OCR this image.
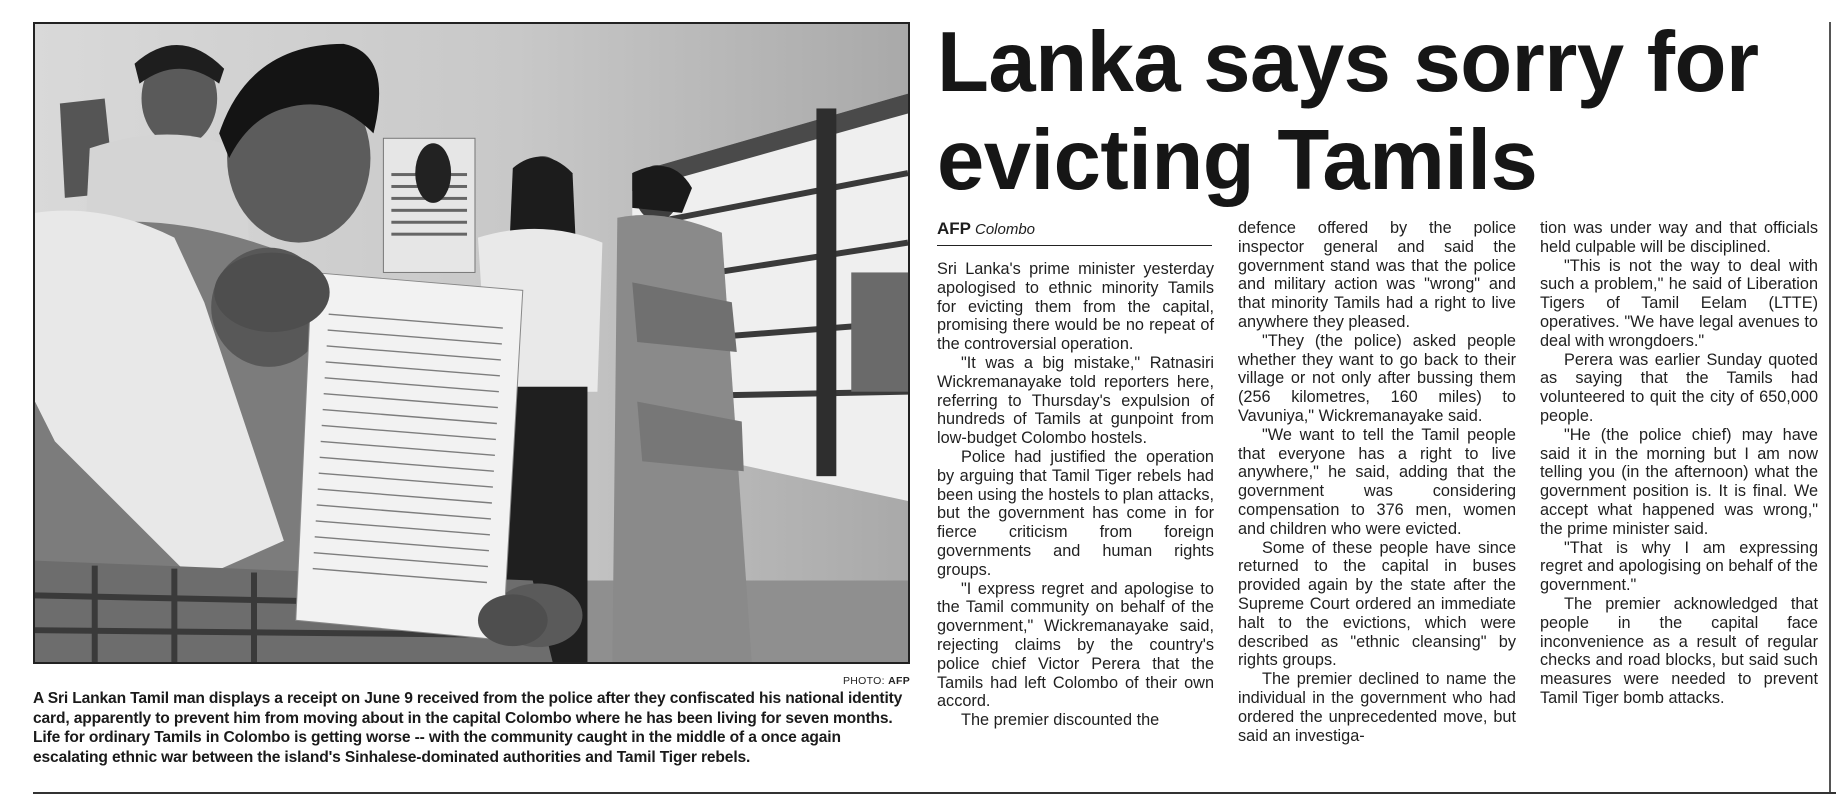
PHOTO: AFP
A Sri Lankan Tamil man displays a receipt on June 9 received from the police after they confiscated his national identity card, apparently to prevent him from moving about in the capital Colombo where he has been living for seven months. Life for ordinary Tamils in Colombo is getting worse -- with the community caught in the middle of a once again escalating ethnic war between the island's Sinhalese-dominated authorities and Tamil Tiger rebels.
Lanka says sorry for evicting Tamils
AFP Colombo

Sri Lanka's prime minister yesterday apologised to ethnic minority Tamils for evicting them from the capital, promising there would be no repeat of the controversial operation.

"It was a big mistake," Ratnasiri Wickremanayake told reporters here, referring to Thursday's expulsion of hundreds of Tamils at gunpoint from low-budget Colombo hostels.

Police had justified the operation by arguing that Tamil Tiger rebels had been using the hostels to plan attacks, but the government has come in for fierce criticism from foreign governments and human rights groups.

"I express regret and apologise to the Tamil community on behalf of the government," Wickremanayake said, rejecting claims by the country's police chief Victor Perera that the Tamils had left Colombo of their own accord.

The premier discounted the

defence offered by the police inspector general and said the government stand was that the police and military action was "wrong" and that minority Tamils had a right to live anywhere they pleased.

"They (the police) asked people whether they want to go back to their village or not only after bussing them (256 kilometres, 160 miles) to Vavuniya," Wickremanayake said.

"We want to tell the Tamil people that everyone has a right to live anywhere," he said, adding that the government was considering compensation to 376 men, women and children who were evicted.

Some of these people have since returned to the capital in buses provided again by the state after the Supreme Court ordered an immediate halt to the evictions, which were described as "ethnic cleansing" by rights groups.

The premier declined to name the individual in the government who had ordered the unprecedented move, but said an investiga-

tion was under way and that officials held culpable will be disciplined.

"This is not the way to deal with such a problem," he said of Liberation Tigers of Tamil Eelam (LTTE) operatives. "We have legal avenues to deal with wrongdoers."

Perera was earlier Sunday quoted as saying that the Tamils had volunteered to quit the city of 650,000 people.

"He (the police chief) may have said it in the morning but I am now telling you (in the afternoon) what the government position is. It is final. We accept what happened was wrong," the prime minister said.

"That is why I am expressing regret and apologising on behalf of the government."

The premier acknowledged that people in the capital face inconvenience as a result of regular checks and road blocks, but said such measures were needed to prevent Tamil Tiger bomb attacks.
